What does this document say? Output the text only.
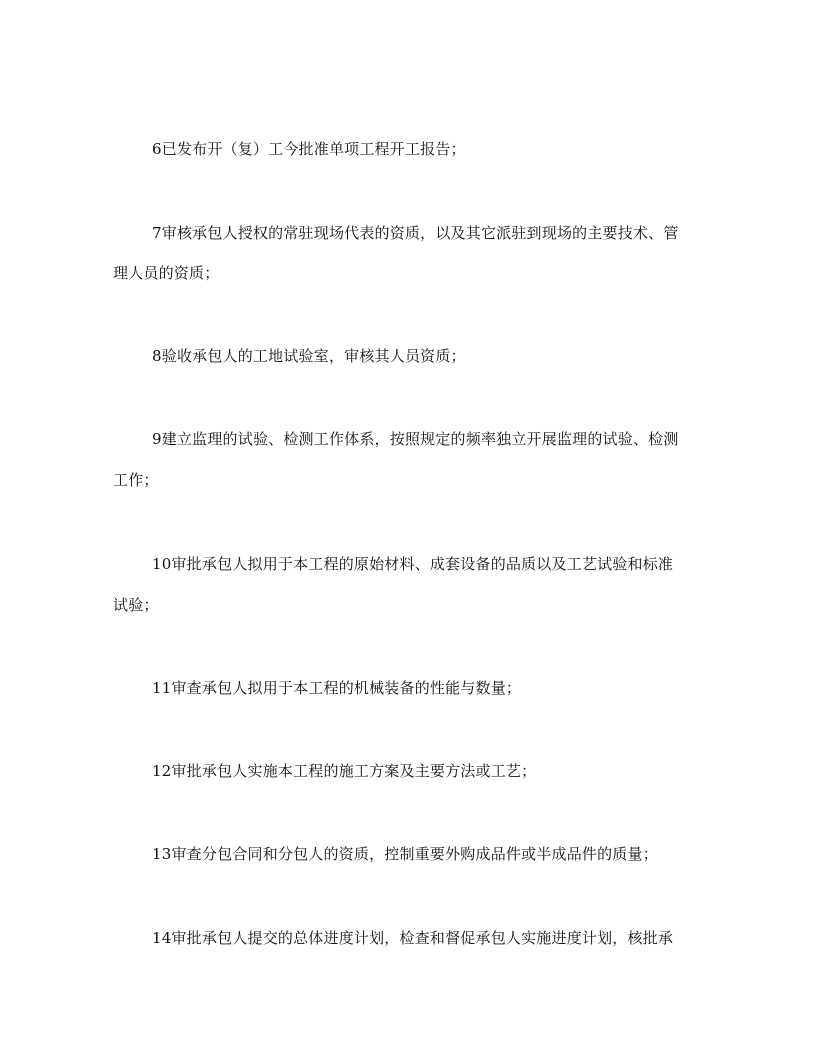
6已发布开（复）工今批准单项工程开工报告；
7审核承包人授权的常驻现场代表的资质，以及其它派驻到现场的主要技术、管
理人员的资质；
8验收承包人的工地试验室，审核其人员资质；
9建立监理的试验、检测工作体系，按照规定的频率独立开展监理的试验、检测
工作；
10审批承包人拟用于本工程的原始材料、成套设备的品质以及工艺试验和标准
试验；
11审查承包人拟用于本工程的机械装备的性能与数量；
12审批承包人实施本工程的施工方案及主要方法或工艺；
13审查分包合同和分包人的资质，控制重要外购成品件或半成品件的质量；
14审批承包人提交的总体进度计划，检查和督促承包人实施进度计划，核批承
